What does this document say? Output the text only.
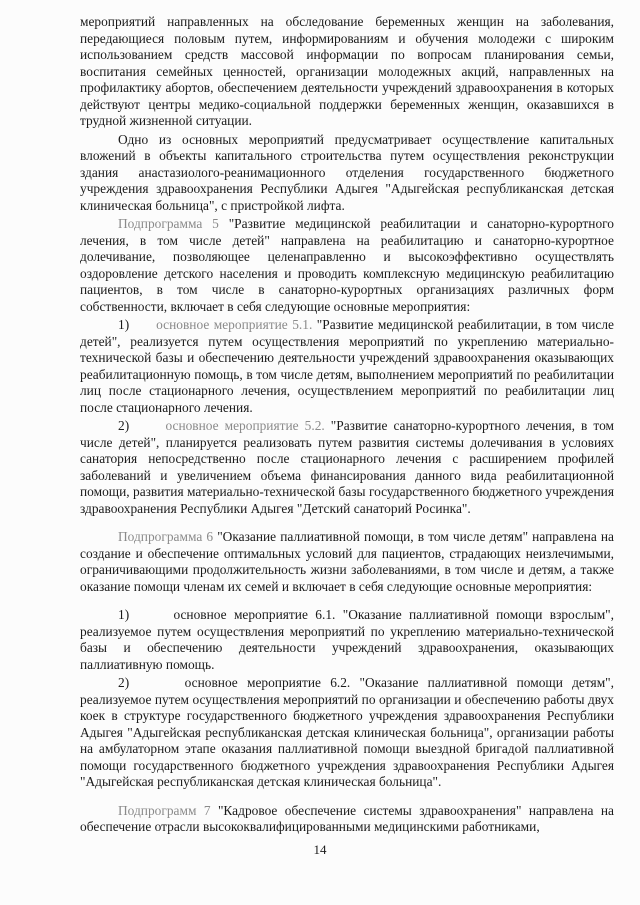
мероприятий направленных на обследование беременных женщин на заболевания, передающиеся половым путем, информированиям и обучения молодежи с широким использованием средств массовой информации по вопросам планирования семьи, воспитания семейных ценностей, организации молодежных акций, направленных на профилактику абортов, обеспечением деятельности учреждений здравоохранения в которых действуют центры медико-социальной поддержки беременных женщин, оказавшихся в трудной жизненной ситуации.

Одно из основных мероприятий предусматривает осуществление капитальных вложений в объекты капитального строительства путем осуществления реконструкции здания анастазиолого-реанимационного отделения государственного бюджетного учреждения здравоохранения Республики Адыгея "Адыгейская республиканская детская клиническая больница", с пристройкой лифта.

Подпрограмма 5 "Развитие медицинской реабилитации и санаторно-курортного лечения, в том числе детей" направлена на реабилитацию и санаторно-курортное долечивание, позволяющее целенаправленно и высокоэффективно осуществлять оздоровление детского населения и проводить комплексную медицинскую реабилитацию пациентов, в том числе в санаторно-курортных организациях различных форм собственности, включает в себя следующие основные мероприятия:

1) основное мероприятие 5.1. "Развитие медицинской реабилитации, в том числе детей", реализуется путем осуществления мероприятий по укреплению материально-технической базы и обеспечению деятельности учреждений здравоохранения оказывающих реабилитационную помощь, в том числе детям, выполнением мероприятий по реабилитации лиц после стационарного лечения, осуществлением мероприятий по реабилитации лиц после стационарного лечения.

2)	основное мероприятие 5.2. "Развитие санаторно-курортного лечения, в том числе детей", планируется реализовать путем развития системы долечивания в условиях санатория непосредственно после стационарного лечения с расширением профилей заболеваний и увеличением объема финансирования данного вида реабилитационной помощи, развития материально-технической базы государственного бюджетного учреждения здравоохранения Республики Адыгея "Детский санаторий Росинка".

Подпрограмма 6 "Оказание паллиативной помощи, в том числе детям" направлена на создание и обеспечение оптимальных условий для пациентов, страдающих неизлечимыми, ограничивающими продолжительность жизни заболеваниями, в том числе и детям, а также оказание помощи членам их семей и включает в себя следующие основные мероприятия:

1)	основное мероприятие 6.1. "Оказание паллиативной помощи взрослым", реализуемое путем осуществления мероприятий по укреплению материально-технической базы и обеспечению деятельности учреждений здравоохранения, оказывающих паллиативную помощь.

2)	основное мероприятие 6.2. "Оказание паллиативной помощи детям", реализуемое путем осуществления мероприятий по организации и обеспечению работы двух коек в структуре государственного бюджетного учреждения здравоохранения Республики Адыгея "Адыгейская республиканская детская клиническая больница", организации работы на амбулаторном этапе оказания паллиативной помощи выездной бригадой паллиативной помощи государственного бюджетного учреждения здравоохранения Республики Адыгея "Адыгейская республиканская детская клиническая больница".

Подпрограмм 7 "Кадровое обеспечение системы здравоохранения" направлена на обеспечение отрасли высококвалифицированными медицинскими работниками,

14
